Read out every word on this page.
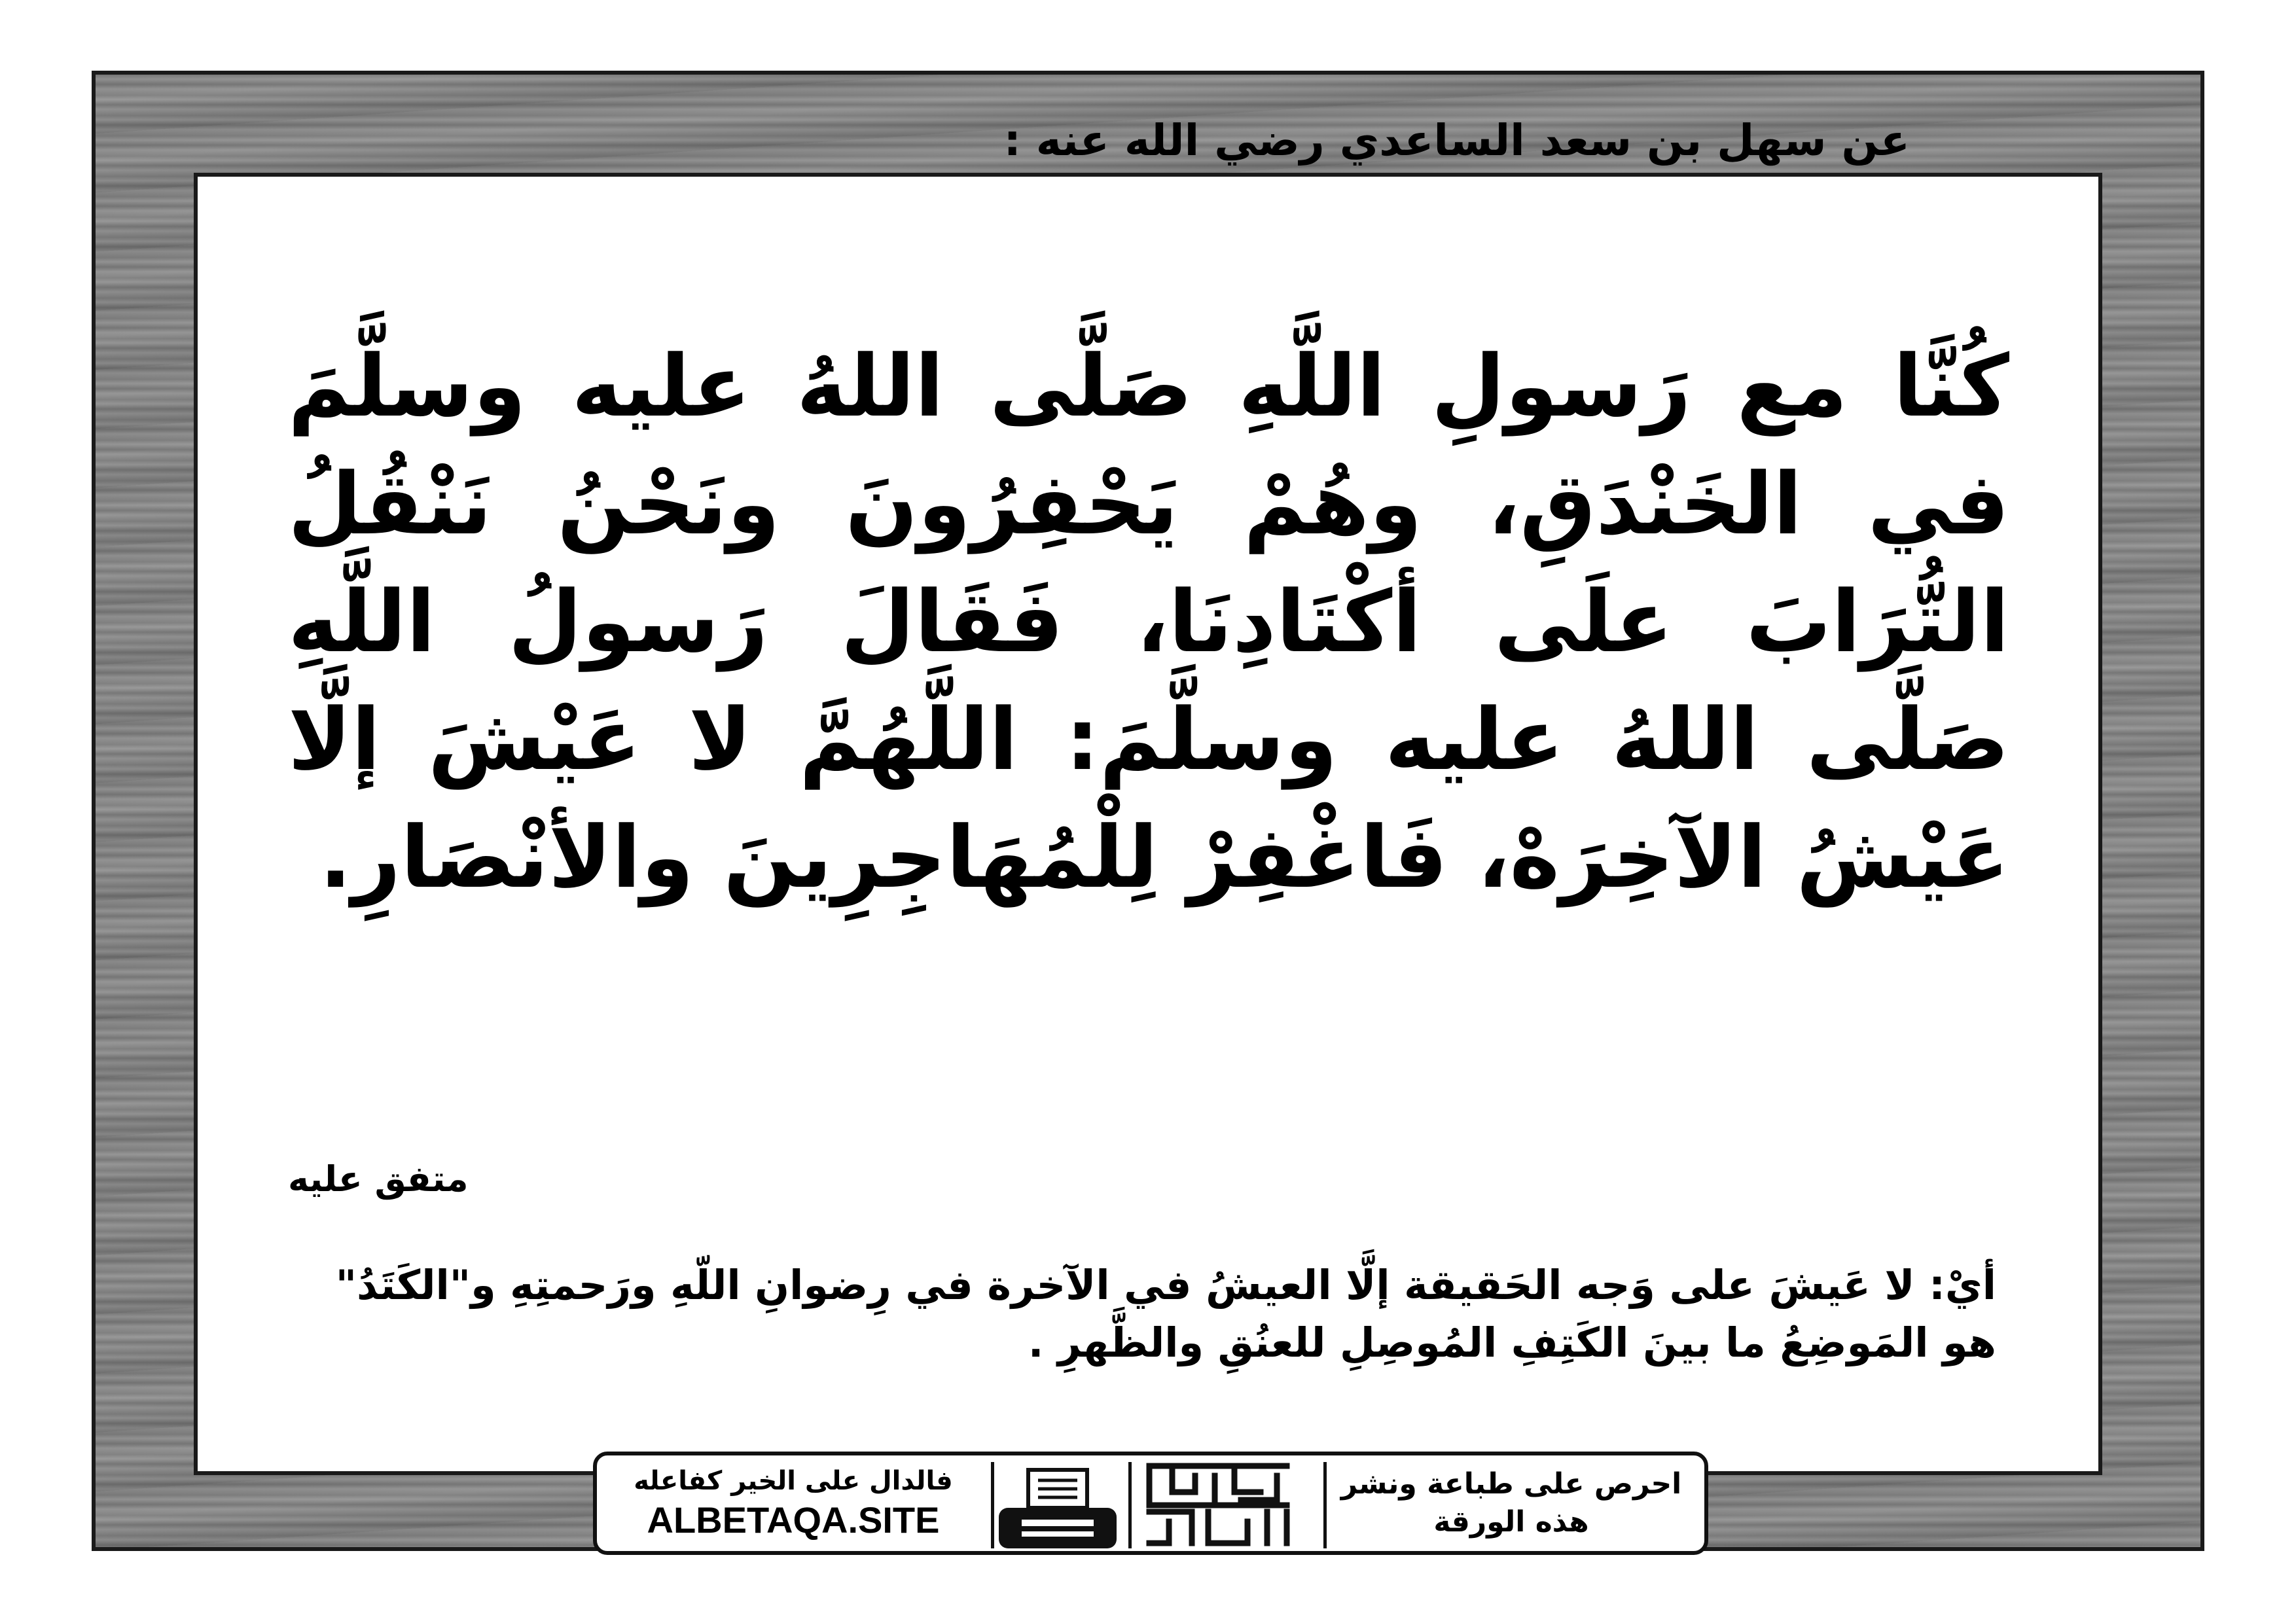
عن سهل بن سعد الساعدي رضي الله عنه :

كُنَّا مع رَسولِ اللَّهِ صَلَّى اللهُ عليه وسلَّمَ في الخَنْدَقِ، وهُمْ يَحْفِرُونَ ونَحْنُ نَنْقُلُ التُّرَابَ علَى أكْتَادِنَا، فَقَالَ رَسولُ اللَّهِ صَلَّى اللهُ عليه وسلَّمَ: اللَّهُمَّ لا عَيْشَ إلَّا عَيْشُ الآخِرَهْ، فَاغْفِرْ لِلْمُهَاجِرِينَ والأنْصَارِ.

متفق عليه

أيْ: لا عَيشَ على وَجه الحَقيقة إلَّا العيشُ في الآخرة في رِضوانِ اللّهِ ورَحمتِهِ و"الكَتَدُ" هو المَوضِعُ ما بينَ الكَتِفِ المُوصِلِ للعنُقِ والظَّهرِ .

فالدال على الخير كفاعله
ALBETAQA.SITE
احرص على طباعة ونشر هذه الورقة
